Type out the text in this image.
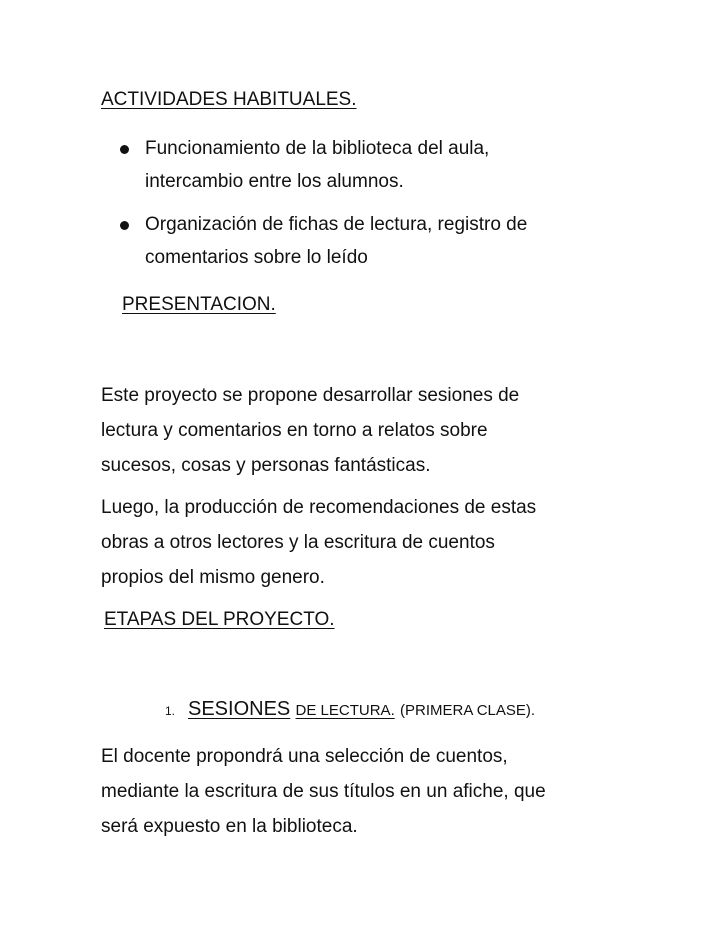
ACTIVIDADES HABITUALES.
Funcionamiento de la biblioteca del aula,
intercambio entre los alumnos.
Organización de fichas de lectura, registro de
comentarios sobre lo leído
PRESENTACION.
Este proyecto se propone desarrollar sesiones de
lectura y comentarios en torno a relatos sobre
sucesos, cosas y personas fantásticas.
Luego, la producción de recomendaciones de estas
obras a otros lectores y la escritura de cuentos
propios del mismo genero.
ETAPAS DEL PROYECTO.
1. SESIONES DE LECTURA. (PRIMERA CLASE).
El docente propondrá una selección de cuentos,
mediante la escritura de sus títulos en un afiche, que
será expuesto en la biblioteca.
